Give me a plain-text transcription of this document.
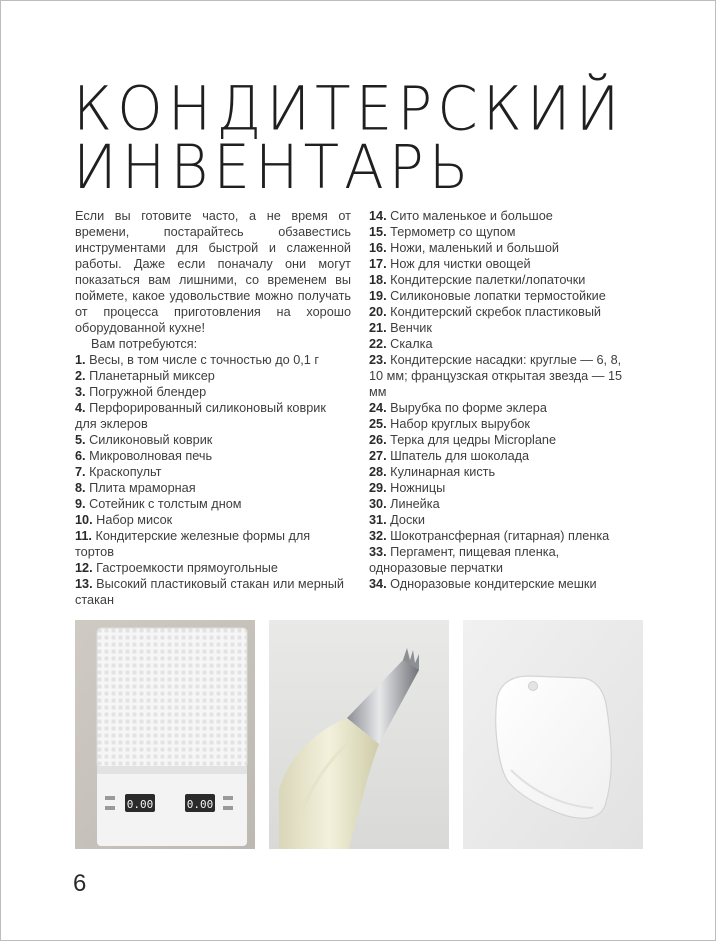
КОНДИТЕРСКИЙ
ИНВЕНТАРЬ

Если вы готовите часто, а не время от времени, постарайтесь обзавестись инструментами для быстрой и слаженной работы. Даже если поначалу они могут показаться вам лишними, со временем вы поймете, какое удовольствие можно получать от процесса приготовления на хорошо оборудованной кухне!

Вам потребуются:

1. Весы, в том числе с точностью до 0,1 г
2. Планетарный миксер
3. Погружной блендер
4. Перфорированный силиконовый коврик для эклеров
5. Силиконовый коврик
6. Микроволновая печь
7. Краскопульт
8. Плита мраморная
9. Сотейник с толстым дном
10. Набор мисок
11. Кондитерские железные формы для тортов
12. Гастроемкости прямоугольные
13. Высокий пластиковый стакан или мерный стакан
14. Сито маленькое и большое
15. Термометр со щупом
16. Ножи, маленький и большой
17. Нож для чистки овощей
18. Кондитерские палетки/лопаточки
19. Силиконовые лопатки термостойкие
20. Кондитерский скребок пластиковый
21. Венчик
22. Скалка
23. Кондитерские насадки: круглые — 6, 8, 10 мм; французская открытая звезда — 15 мм
24. Вырубка по форме эклера
25. Набор круглых вырубок
26. Терка для цедры Microplane
27. Шпатель для шоколада
28. Кулинарная кисть
29. Ножницы
30. Линейка
31. Доски
32. Шокотрансферная (гитарная) пленка
33. Пергамент, пищевая пленка, одноразовые перчатки
34. Одноразовые кондитерские мешки
0.00	0.00
6
